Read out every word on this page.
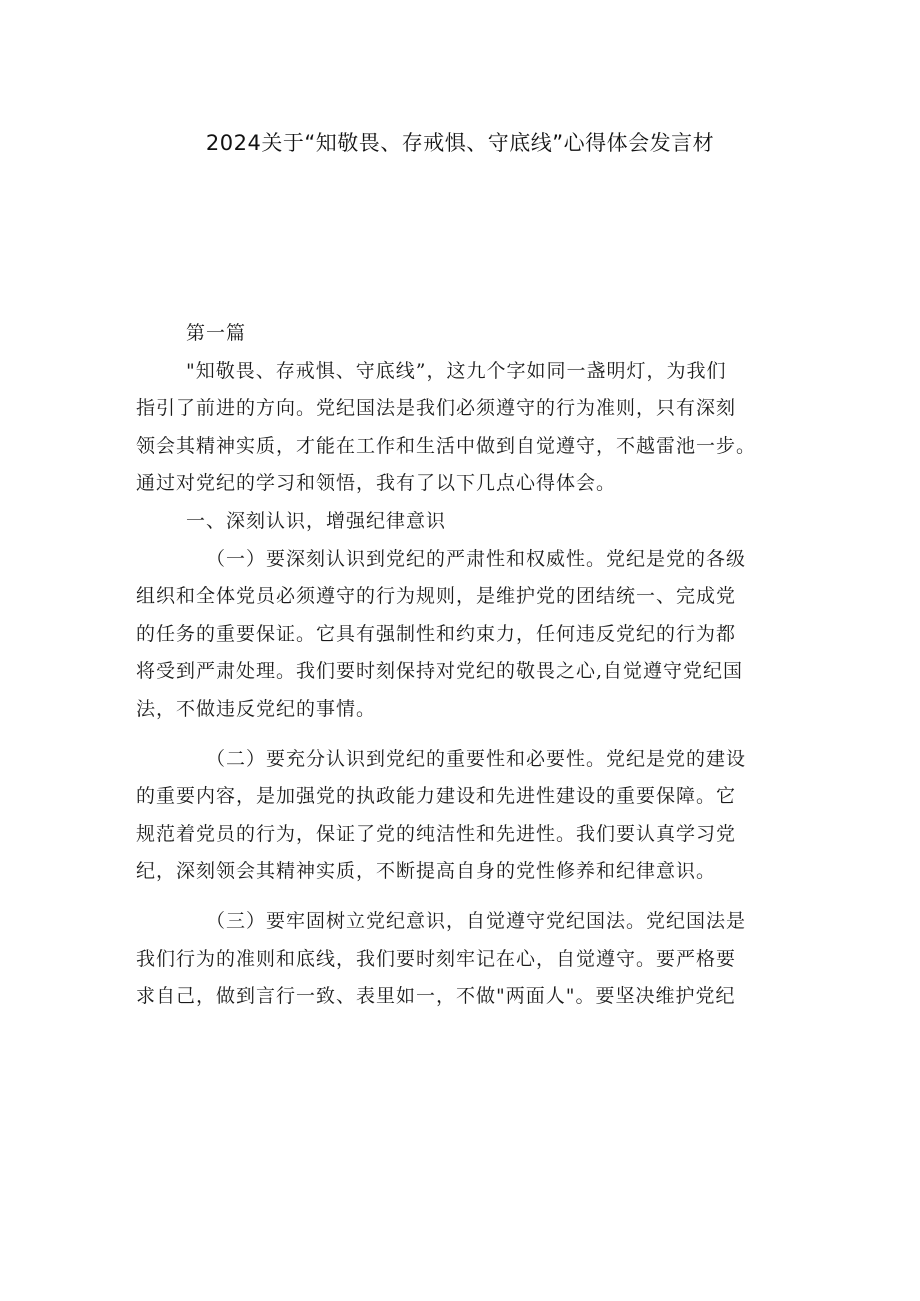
2024关于“知敬畏、存戒惧、守底线”心得体会发言材
第一篇
"知敬畏、存戒惧、守底线”，这九个字如同一盏明灯，为我们
指引了前进的方向。党纪国法是我们必须遵守的行为准则，只有深刻
领会其精神实质，才能在工作和生活中做到自觉遵守，不越雷池一步。
通过对党纪的学习和领悟，我有了以下几点心得体会。
一、深刻认识，增强纪律意识
（一）要深刻认识到党纪的严肃性和权威性。党纪是党的各级
组织和全体党员必须遵守的行为规则，是维护党的团结统一、完成党
的任务的重要保证。它具有强制性和约束力，任何违反党纪的行为都
将受到严肃处理。我们要时刻保持对党纪的敬畏之心,自觉遵守党纪国
法，不做违反党纪的事情。
（二）要充分认识到党纪的重要性和必要性。党纪是党的建设
的重要内容，是加强党的执政能力建设和先进性建设的重要保障。它
规范着党员的行为，保证了党的纯洁性和先进性。我们要认真学习党
纪，深刻领会其精神实质，不断提高自身的党性修养和纪律意识。
（三）要牢固树立党纪意识，自觉遵守党纪国法。党纪国法是
我们行为的准则和底线，我们要时刻牢记在心，自觉遵守。要严格要
求自己，做到言行一致、表里如一，不做"两面人"。要坚决维护党纪
